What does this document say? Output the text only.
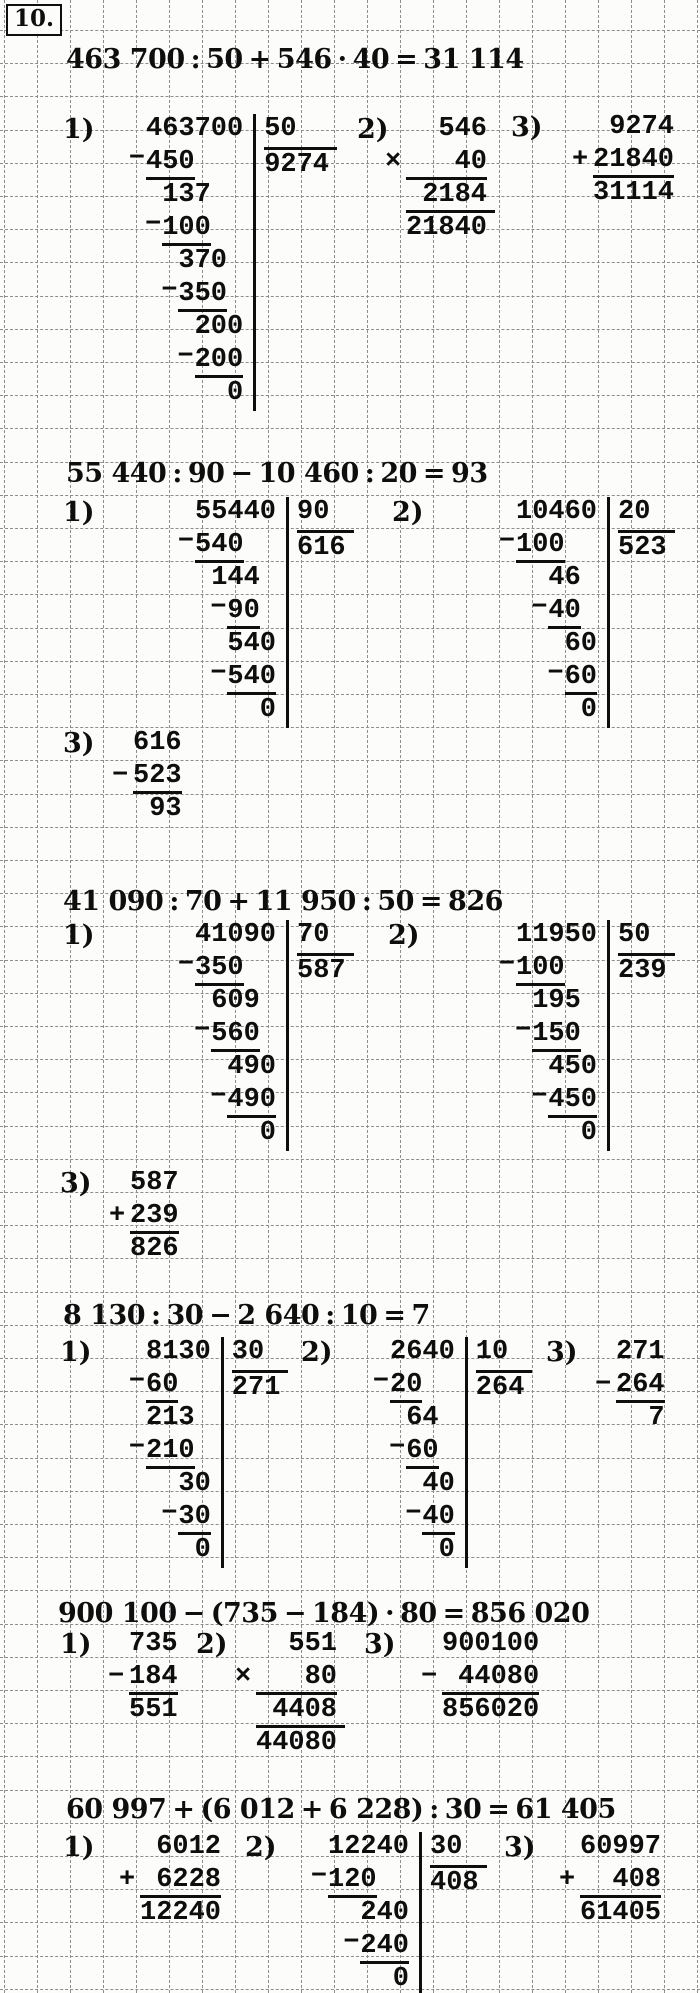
10.
463 700 : 50 + 546 · 40 = 31 114
1) 463700
− 450
137
− 100
370
− 350
200
− 200
0
50
9274
2)	546
×	40
2184
21840
3)	9274
+ 21840
31114
55 440 : 90 − 10 460 : 20 = 93
1)	55440
− 540
144
− 90
540
− 540
0
90
616
2)	10460
− 100
46
− 40
60
− 60
0
20
523
3) 616
− 523
93
41 090 : 70 + 11 950 : 50 = 826
1)	41090
− 350
609
− 560
490
− 490
0
70
587
2)	11950
− 100
195
− 150
450
− 450
0
50
239
3) 587
+ 239
826
8 130 : 30 − 2 640 : 10 = 7
1) 8130
− 60
213
− 210
30
− 30
0
30
271
2) 2640
− 20
64
− 60
40
− 40
0
10
264
3) 271
− 264
7
900 100 − (735 − 184) · 80 = 856 020
1) 735
− 184
551
2)	551
×	80
4408
44080
3) 900100
− 44080
856020
60 997 + (6 012 + 6 228) : 30 = 61 405
1)	6012
+ 6228
12240
2) 12240
− 120
240
− 240
0
30
408
3) 60997
+	408
61405
